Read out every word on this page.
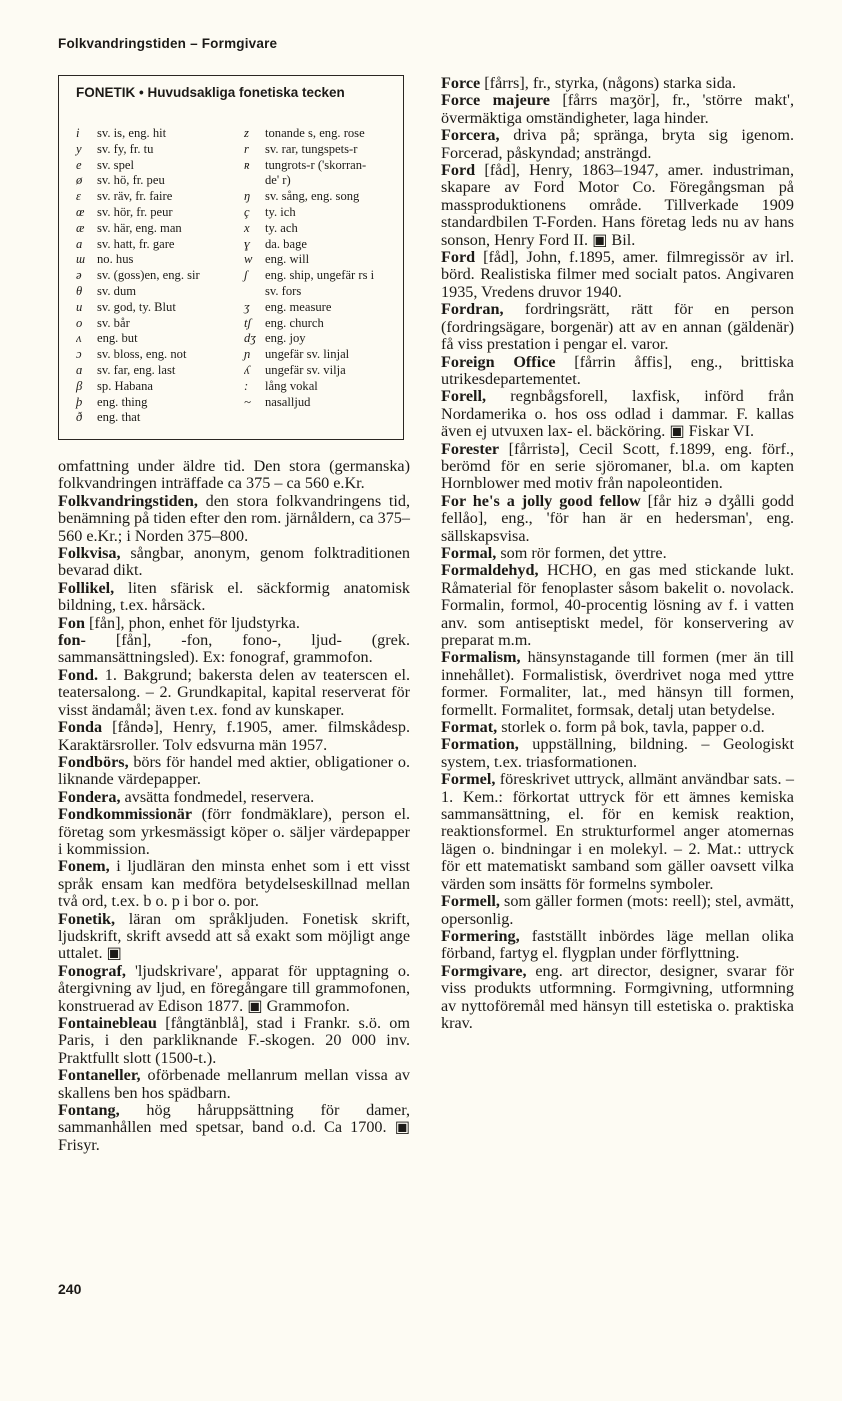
Folkvandringstiden – Formgivare
FONETIK • Huvudsakliga fonetiska tecken
i	sv. is, eng. hit
y	sv. fy, fr. tu
e	sv. spel
ø	sv. hö, fr. peu
ɛ	sv. räv, fr. faire
œ sv. hör, fr. peur
æ sv. här, eng. man
a	sv. hatt, fr. gare
ɯ no. hus
ə	sv. (goss)en, eng. sir
θ	sv. dum
u	sv. god, ty. Blut
o	sv. bår
ʌ	eng. but
ɔ	sv. bloss, eng. not
ɑ	sv. far, eng. last
β	sp. Habana
þ	eng. thing
ð	eng. that
z	tonande s, eng. rose
r	sv. rar, tungspets-r
ʀ	tungrots-r ('skorran-
de' r)
ŋ	sv. sång, eng. song
ç	ty. ich
x	ty. ach
ɣ	da. bage
w eng. will
ʃ	eng. ship, ungefär rs i
sv. fors
ʒ	eng. measure
tʃ	eng. church
dʒ eng. joy
ɲ	ungefär sv. linjal
ʎ	ungefär sv. vilja
:	lång vokal
~	nasalljud

omfattning under äldre tid. Den stora (germanska) folkvandringen inträffade ca 375 – ca 560 e.Kr.

Folkvandringstiden, den stora folkvandringens tid, benämning på tiden efter den rom. järnåldern, ca 375–560 e.Kr.; i Norden 375–800.

Folkvisa, sångbar, anonym, genom folktraditionen bevarad dikt.

Follikel, liten sfärisk el. säckformig anatomisk bildning, t.ex. hårsäck.

Fon [fån], phon, enhet för ljudstyrka.

fon- [fån], -fon, fono-, ljud- (grek. sammansättningsled). Ex: fonograf, grammofon.

Fond. 1. Bakgrund; bakersta delen av teaterscen el. teatersalong. – 2. Grundkapital, kapital reserverat för visst ändamål; även t.ex. fond av kunskaper.

Fonda [fåndə], Henry, f.1905, amer. filmskådesp. Karaktärsroller. Tolv edsvurna män 1957.

Fondbörs, börs för handel med aktier, obligationer o. liknande värdepapper.

Fondera, avsätta fondmedel, reservera.

Fondkommissionär (förr fondmäklare), person el. företag som yrkesmässigt köper o. säljer värdepapper i kommission.

Fonem, i ljudläran den minsta enhet som i ett visst språk ensam kan medföra betydelseskillnad mellan två ord, t.ex. b o. p i bor o. por.

Fonetik, läran om språkljuden. Fonetisk skrift, ljudskrift, skrift avsedd att så exakt som möjligt ange uttalet. ▣

Fonograf, 'ljudskrivare', apparat för upptagning o. återgivning av ljud, en föregångare till grammofonen, konstruerad av Edison 1877. ▣ Grammofon.

Fontainebleau [fångtänblå], stad i Frankr. s.ö. om Paris, i den parkliknande F.-skogen. 20 000 inv. Praktfullt slott (1500-t.).

Fontaneller, oförbenade mellanrum mellan vissa av skallens ben hos spädbarn.

Fontang, hög håruppsättning för damer, sammanhållen med spetsar, band o.d. Ca 1700. ▣ Frisyr.

Force [fårrs], fr., styrka, (någons) starka sida.

Force majeure [fårrs maʒör], fr., 'större makt', övermäktiga omständigheter, laga hinder.

Forcera, driva på; spränga, bryta sig igenom. Forcerad, påskyndad; ansträngd.

Ford [fåd], Henry, 1863–1947, amer. industriman, skapare av Ford Motor Co. Föregångsman på massproduktionens område. Tillverkade 1909 standardbilen T-Forden. Hans företag leds nu av hans sonson, Henry Ford II. ▣ Bil.

Ford [fåd], John, f.1895, amer. filmregissör av irl. börd. Realistiska filmer med socialt patos. Angivaren 1935, Vredens druvor 1940.

Fordran, fordringsrätt, rätt för en person (fordringsägare, borgenär) att av en annan (gäldenär) få viss prestation i pengar el. varor.

Foreign Office [fårrin åffis], eng., brittiska utrikesdepartementet.

Forell, regnbågsforell, laxfisk, införd från Nordamerika o. hos oss odlad i dammar. F. kallas även ej utvuxen lax- el. bäcköring. ▣ Fiskar VI.

Forester [fårristə], Cecil Scott, f.1899, eng. förf., berömd för en serie sjöromaner, bl.a. om kapten Hornblower med motiv från napoleontiden.

For he's a jolly good fellow [får hiz ə dʒålli godd fellåo], eng., 'för han är en hedersman', eng. sällskapsvisa.

Formal, som rör formen, det yttre.

Formaldehyd, HCHO, en gas med stickande lukt. Råmaterial för fenoplaster såsom bakelit o. novolack. Formalin, formol, 40-procentig lösning av f. i vatten anv. som antiseptiskt medel, för konservering av preparat m.m.

Formalism, hänsynstagande till formen (mer än till innehållet). Formalistisk, överdrivet noga med yttre former. Formaliter, lat., med hänsyn till formen, formellt. Formalitet, formsak, detalj utan betydelse.

Format, storlek o. form på bok, tavla, papper o.d.

Formation, uppställning, bildning. – Geologiskt system, t.ex. triasformationen.

Formel, föreskrivet uttryck, allmänt användbar sats. – 1. Kem.: förkortat uttryck för ett ämnes kemiska sammansättning, el. för en kemisk reaktion, reaktionsformel. En strukturformel anger atomernas lägen o. bindningar i en molekyl. – 2. Mat.: uttryck för ett matematiskt samband som gäller oavsett vilka värden som insätts för formelns symboler.

Formell, som gäller formen (mots: reell); stel, avmätt, opersonlig.

Formering, fastställt inbördes läge mellan olika förband, fartyg el. flygplan under förflyttning.

Formgivare, eng. art director, designer, svarar för viss produkts utformning. Formgivning, utformning av nyttoföremål med hänsyn till estetiska o. praktiska krav.

240
